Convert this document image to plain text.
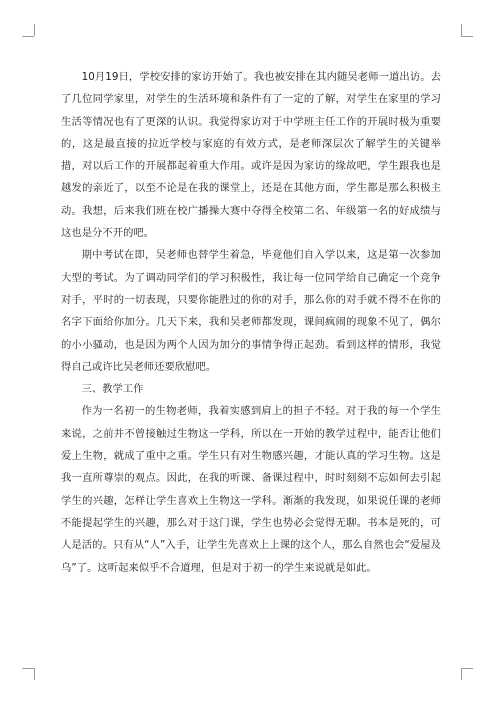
10月19日，学校安排的家访开始了。我也被安排在其内随吴老师一道出访。去了几位同学家里，对学生的生活环境和条件有了一定的了解，对学生在家里的学习生活等情况也有了更深的认识。我觉得家访对于中学班主任工作的开展时极为重要的，这是最直接的拉近学校与家庭的有效方式，是老师深层次了解学生的关键举措，对以后工作的开展都起着重大作用。或许是因为家访的缘故吧，学生跟我也是越发的亲近了，以至不论是在我的课堂上，还是在其他方面，学生都是那么积极主动。我想，后来我们班在校广播操大赛中夺得全校第二名、年级第一名的好成绩与这也是分不开的吧。

期中考试在即，吴老师也替学生着急，毕竟他们自入学以来，这是第一次参加大型的考试。为了调动同学们的学习积极性，我让每一位同学给自己确定一个竞争对手，平时的一切表现，只要你能胜过的你的对手，那么你的对手就不得不在你的名字下面给你加分。几天下来，我和吴老师都发现，课间疯闹的现象不见了，偶尔的小小骚动，也是因为两个人因为加分的事情争得正起劲。看到这样的情形，我觉得自己或许比吴老师还要欣慰吧。

三、教学工作

作为一名初一的生物老师，我着实感到肩上的担子不轻。对于我的每一个学生来说，之前并不曾接触过生物这一学科，所以在一开始的教学过程中，能否让他们爱上生物，就成了重中之重。学生只有对生物感兴趣，才能认真的学习生物。这是我一直所尊崇的观点。因此，在我的听课、备课过程中，时时刻刻不忘如何去引起学生的兴趣，怎样让学生喜欢上生物这一学科。渐渐的我发现，如果说任课的老师不能提起学生的兴趣，那么对于这门课，学生也势必会觉得无聊。书本是死的，可人是活的。只有从“人”入手，让学生先喜欢上上课的这个人，那么自然也会“爱屋及乌”了。这听起来似乎不合道理，但是对于初一的学生来说就是如此。
